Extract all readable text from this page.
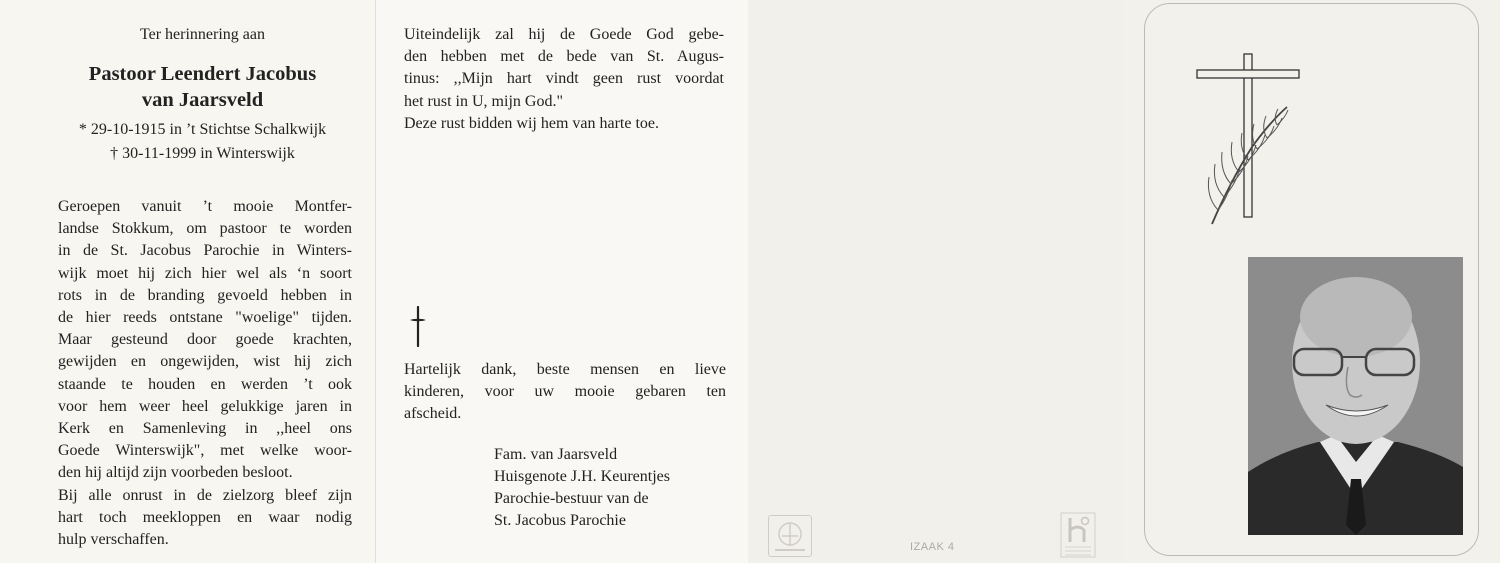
Ter herinnering aan
Pastoor Leendert Jacobus
van Jaarsveld
* 29-10-1915 in ’t Stichtse Schalkwijk
† 30-11-1999 in Winterswijk
Geroepen vanuit ’t mooie Montfer-
landse Stokkum, om pastoor te worden
in de St. Jacobus Parochie in Winters-
wijk moet hij zich hier wel als ‘n soort
rots in de branding gevoeld hebben in
de hier reeds ontstane "woelige" tijden.
Maar gesteund door goede krachten,
gewijden en ongewijden, wist hij zich
staande te houden en werden ’t ook
voor hem weer heel gelukkige jaren in
Kerk en Samenleving in ,,heel ons
Goede Winterswijk", met welke woor-
den hij altijd zijn voorbeden besloot.
Bij alle onrust in de zielzorg bleef zijn
hart toch meekloppen en waar nodig
hulp verschaffen.
Uiteindelijk zal hij de Goede God gebe-
den hebben met de bede van St. Augus-
tinus: ,,Mijn hart vindt geen rust voordat
het rust in U, mijn God."
Deze rust bidden wij hem van harte toe.
Hartelijk dank, beste mensen en lieve
kinderen, voor uw mooie gebaren ten
afscheid.
Fam. van Jaarsveld
Huisgenote J.H. Keurentjes
Parochie-bestuur van de
St. Jacobus Parochie
IZAAK 4
